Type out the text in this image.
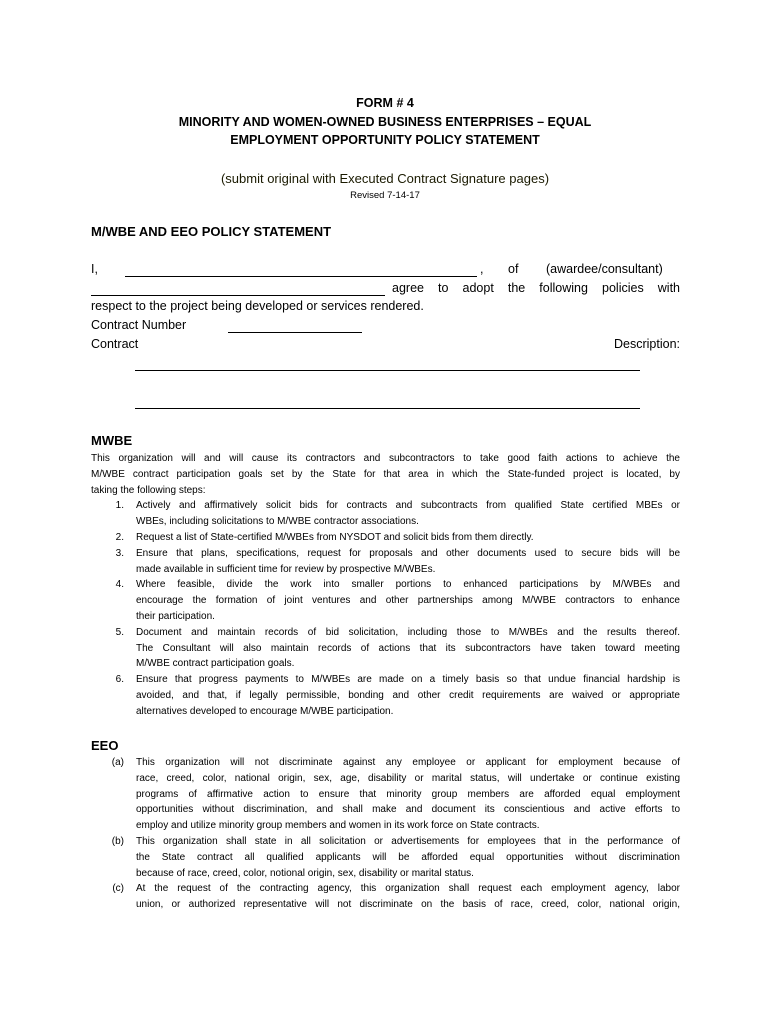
FORM # 4
MINORITY AND WOMEN-OWNED BUSINESS ENTERPRISES – EQUAL
EMPLOYMENT OPPORTUNITY POLICY STATEMENT
(submit original with Executed Contract Signature pages)
Revised 7-14-17
M/WBE AND EEO POLICY STATEMENT
I,	, of (awardee/consultant)
agree to adopt the following policies with
respect to the project being developed or services rendered.
Contract Number
Contract	Description:
MWBE
This organization will and will cause its contractors and subcontractors to take good faith actions to achieve the
M/WBE contract participation goals set by the State for that area in which the State-funded project is located, by
taking the following steps:
1. Actively and affirmatively solicit bids for contracts and subcontracts from qualified State certified MBEs or
WBEs, including solicitations to M/WBE contractor associations.
2. Request a list of State-certified M/WBEs from NYSDOT and solicit bids from them directly.
3. Ensure that plans, specifications, request for proposals and other documents used to secure bids will be
made available in sufficient time for review by prospective M/WBEs.
4. Where feasible, divide the work into smaller portions to enhanced participations by M/WBEs and
encourage the formation of joint ventures and other partnerships among M/WBE contractors to enhance
their participation.
5. Document and maintain records of bid solicitation, including those to M/WBEs and the results thereof.
The Consultant will also maintain records of actions that its subcontractors have taken toward meeting
M/WBE contract participation goals.
6. Ensure that progress payments to M/WBEs are made on a timely basis so that undue financial hardship is
avoided, and that, if legally permissible, bonding and other credit requirements are waived or appropriate
alternatives developed to encourage M/WBE participation.
EEO
(a) This organization will not discriminate against any employee or applicant for employment because of
race, creed, color, national origin, sex, age, disability or marital status, will undertake or continue existing
programs of affirmative action to ensure that minority group members are afforded equal employment
opportunities without discrimination, and shall make and document its conscientious and active efforts to
employ and utilize minority group members and women in its work force on State contracts.
(b) This organization shall state in all solicitation or advertisements for employees that in the performance of
the State contract all qualified applicants will be afforded equal opportunities without discrimination
because of race, creed, color, notional origin, sex, disability or marital status.
(c) At the request of the contracting agency, this organization shall request each employment agency, labor
union, or authorized representative will not discriminate on the basis of race, creed, color, national origin,
